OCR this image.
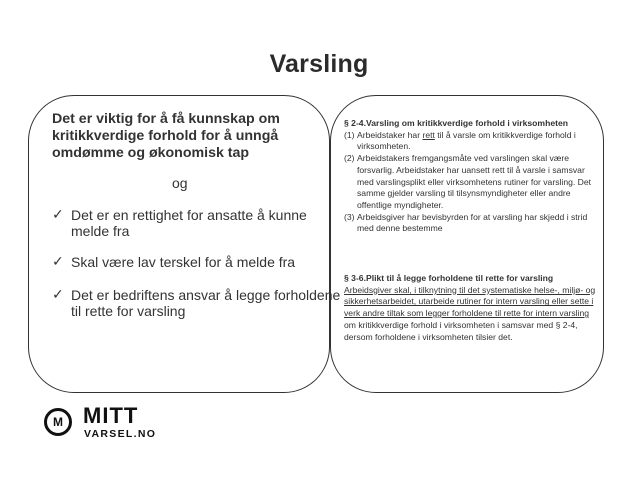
Varsling
Det er viktig for å få kunnskap om kritikkverdige forhold for å unngå omdømme og økonomisk tap
og
✓ Det er en rettighet for ansatte å kunne melde fra
✓ Skal være lav terskel for å melde fra
✓ Det er bedriftens ansvar å legge forholdene til rette for varsling
§ 2-4.Varsling om kritikkverdige forhold i virksomheten
(1) Arbeidstaker har rett til å varsle om kritikkverdige forhold i virksomheten.
(2) Arbeidstakers fremgangsmåte ved varslingen skal være forsvarlig. Arbeidstaker har uansett rett til å varsle i samsvar med varslingsplikt eller virksomhetens rutiner for varsling. Det samme gjelder varsling til tilsynsmyndigheter eller andre offentlige myndigheter.
(3) Arbeidsgiver har bevisbyrden for at varsling har skjedd i strid med denne bestemme
§ 3-6.Plikt til å legge forholdene til rette for varsling
Arbeidsgiver skal, i tilknytning til det systematiske helse-, miljø- og sikkerhetsarbeidet, utarbeide rutiner for intern varsling eller sette i verk andre tiltak som legger forholdene til rette for intern varsling om kritikkverdige forhold i virksomheten i samsvar med § 2-4, dersom forholdene i virksomheten tilsier det.
M MITT
VARSEL.NO
